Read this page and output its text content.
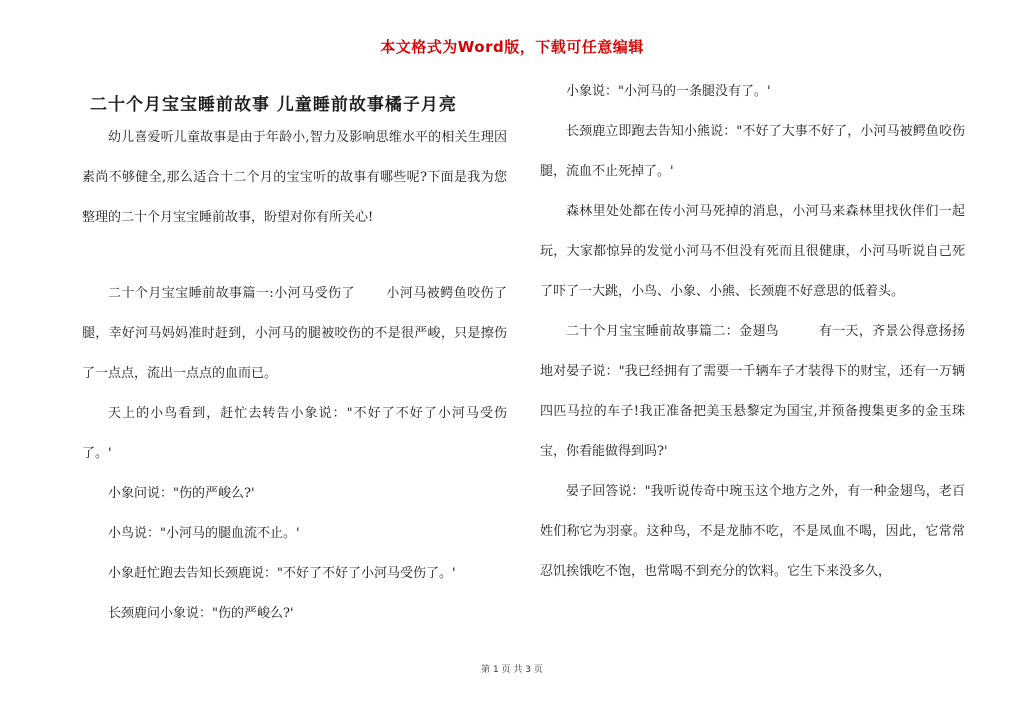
本文格式为Word版，下载可任意编辑
二十个月宝宝睡前故事 儿童睡前故事橘子月亮

幼儿喜爱听儿童故事是由于年龄小,智力及影响思维水平的相关生理因素尚不够健全,那么适合十二个月的宝宝听的故事有哪些呢?下面是我为您整理的二十个月宝宝睡前故事，盼望对你有所关心!

二十个月宝宝睡前故事篇一:小河马受伤了　　 小河马被鳄鱼咬伤了腿，幸好河马妈妈准时赶到，小河马的腿被咬伤的不是很严峻，只是擦伤了一点点，流出一点点的血而已。

天上的小鸟看到，赶忙去转告小象说："不好了不好了小河马受伤了。'

小象问说："伤的严峻么?'

小鸟说："小河马的腿血流不止。'

小象赶忙跑去告知长颈鹿说："不好了不好了小河马受伤了。'

长颈鹿问小象说："伤的严峻么?'

小象说："小河马的一条腿没有了。'

长颈鹿立即跑去告知小熊说："不好了大事不好了，小河马被鳄鱼咬伤腿，流血不止死掉了。'

森林里处处都在传小河马死掉的消息，小河马来森林里找伙伴们一起玩，大家都惊异的发觉小河马不但没有死而且很健康，小河马听说自己死了吓了一大跳，小鸟、小象、小熊、长颈鹿不好意思的低着头。

二十个月宝宝睡前故事篇二：金翅鸟　　　有一天，齐景公得意扬扬地对晏子说："我已经拥有了需要一千辆车子才装得下的财宝，还有一万辆四匹马拉的车子!我正准备把美玉悬黎定为国宝,并预备搜集更多的金玉珠宝，你看能做得到吗?'

晏子回答说："我听说传奇中琬玉这个地方之外，有一种金翅鸟，老百姓们称它为羽豪。这种鸟，不是龙肺不吃，不是凤血不喝，因此，它常常忍饥挨饿吃不饱，也常喝不到充分的饮料。它生下来没多久，

第 1 页 共 3 页
